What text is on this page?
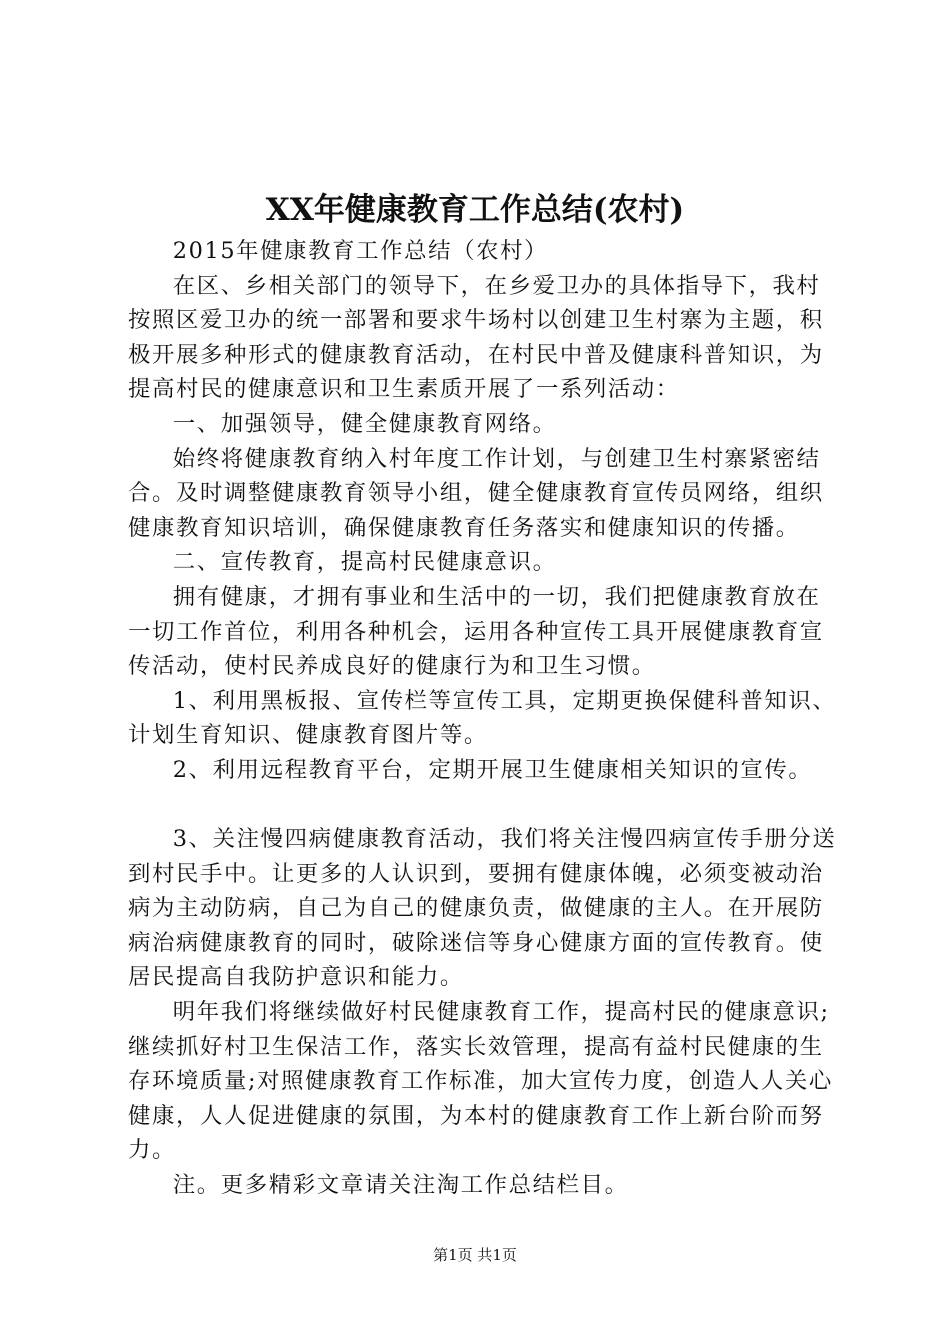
XX年健康教育工作总结(农村)

2015年健康教育工作总结（农村）

在区、乡相关部门的领导下，在乡爱卫办的具体指导下，我村按照区爱卫办的统一部署和要求牛场村以创建卫生村寨为主题，积极开展多种形式的健康教育活动，在村民中普及健康科普知识，为提高村民的健康意识和卫生素质开展了一系列活动：

一、加强领导，健全健康教育网络。

始终将健康教育纳入村年度工作计划，与创建卫生村寨紧密结合。及时调整健康教育领导小组，健全健康教育宣传员网络，组织健康教育知识培训，确保健康教育任务落实和健康知识的传播。

二、宣传教育，提高村民健康意识。

拥有健康，才拥有事业和生活中的一切，我们把健康教育放在一切工作首位，利用各种机会，运用各种宣传工具开展健康教育宣传活动，使村民养成良好的健康行为和卫生习惯。

1、利用黑板报、宣传栏等宣传工具，定期更换保健科普知识、计划生育知识、健康教育图片等。

2、利用远程教育平台，定期开展卫生健康相关知识的宣传。

3、关注慢四病健康教育活动，我们将关注慢四病宣传手册分送到村民手中。让更多的人认识到，要拥有健康体魄，必须变被动治病为主动防病，自己为自己的健康负责，做健康的主人。在开展防病治病健康教育的同时，破除迷信等身心健康方面的宣传教育。使居民提高自我防护意识和能力。

明年我们将继续做好村民健康教育工作，提高村民的健康意识;继续抓好村卫生保洁工作，落实长效管理，提高有益村民健康的生存环境质量;对照健康教育工作标准，加大宣传力度，创造人人关心健康，人人促进健康的氛围，为本村的健康教育工作上新台阶而努力。

注。更多精彩文章请关注淘工作总结栏目。

第1页 共1页
